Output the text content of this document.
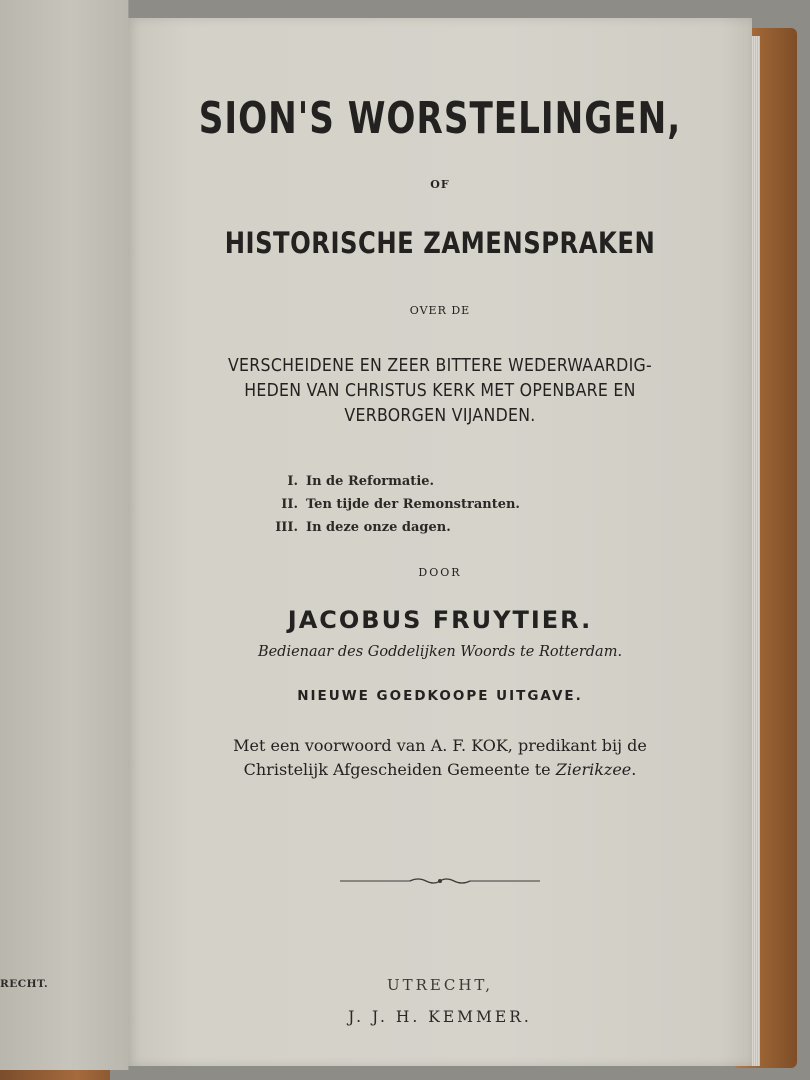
RECHT.
SION'S WORSTELINGEN,
OF
HISTORISCHE ZAMENSPRAKEN
OVER DE
VERSCHEIDENE EN ZEER BITTERE WEDERWAARDIG-
HEDEN VAN CHRISTUS KERK MET OPENBARE EN
VERBORGEN VIJANDEN.
I. In de Reformatie.
II. Ten tijde der Remonstranten.
III. In deze onze dagen.
DOOR
JACOBUS FRUYTIER.
Bedienaar des Goddelijken Woords te Rotterdam.
NIEUWE GOEDKOOPE UITGAVE.
Met een voorwoord van A. F. KOK, predikant bij de
Christelijk Afgescheiden Gemeente te Zierikzee.
UTRECHT,
J. J. H. KEMMER.
